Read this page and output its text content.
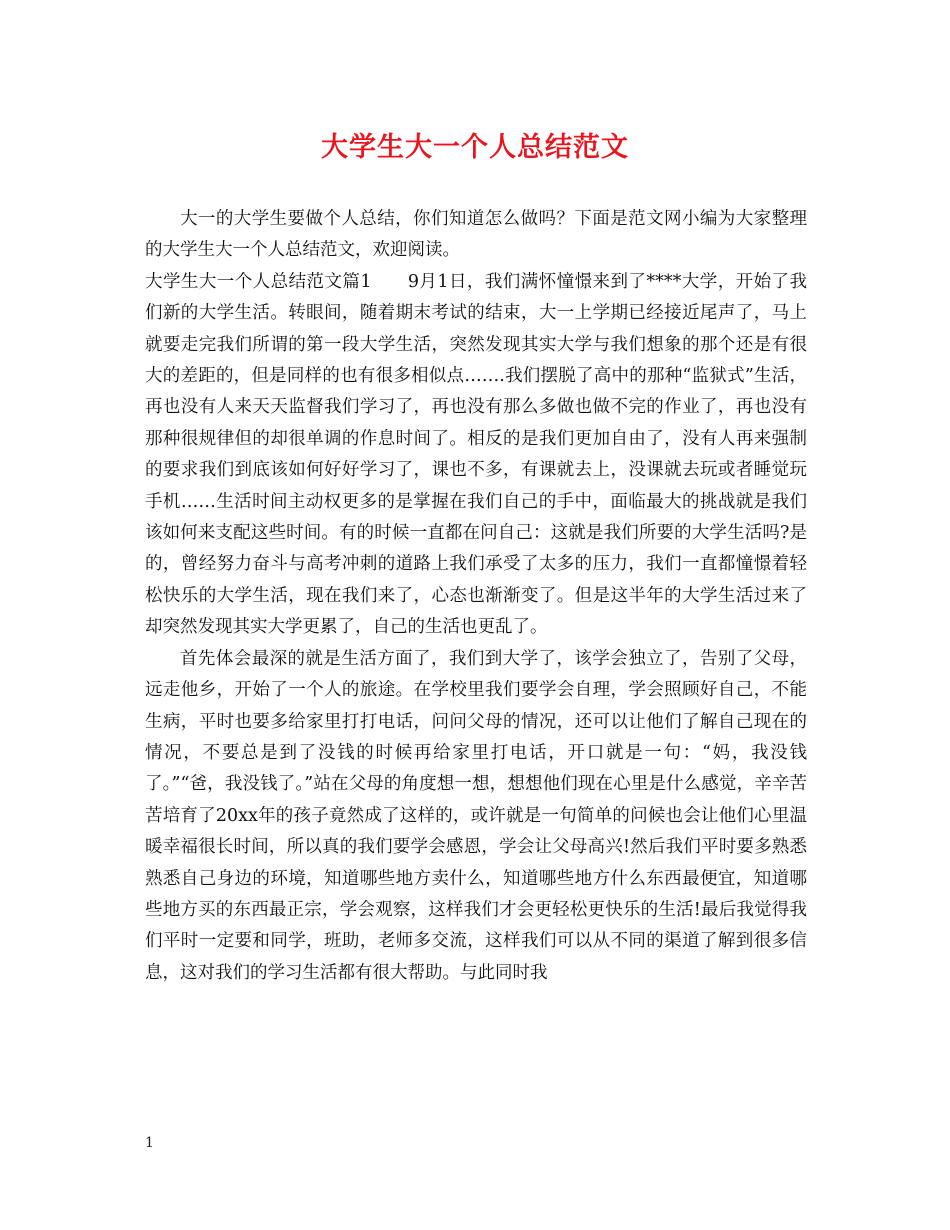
大学生大一个人总结范文

大一的大学生要做个人总结，你们知道怎么做吗？下面是范文网小编为大家整理的大学生大一个人总结范文，欢迎阅读。

大学生大一个人总结范文篇1　　9月1日，我们满怀憧憬来到了****大学，开始了我们新的大学生活。转眼间，随着期末考试的结束，大一上学期已经接近尾声了，马上就要走完我们所谓的第一段大学生活，突然发现其实大学与我们想象的那个还是有很大的差距的，但是同样的也有很多相似点…….我们摆脱了高中的那种“监狱式”生活，再也没有人来天天监督我们学习了，再也没有那么多做也做不完的作业了，再也没有那种很规律但的却很单调的作息时间了。相反的是我们更加自由了，没有人再来强制的要求我们到底该如何好好学习了，课也不多，有课就去上，没课就去玩或者睡觉玩手机……生活时间主动权更多的是掌握在我们自己的手中，面临最大的挑战就是我们该如何来支配这些时间。有的时候一直都在问自己：这就是我们所要的大学生活吗?是的，曾经努力奋斗与高考冲刺的道路上我们承受了太多的压力，我们一直都憧憬着轻松快乐的大学生活，现在我们来了，心态也渐渐变了。但是这半年的大学生活过来了却突然发现其实大学更累了，自己的生活也更乱了。

首先体会最深的就是生活方面了，我们到大学了，该学会独立了，告别了父母，远走他乡，开始了一个人的旅途。在学校里我们要学会自理，学会照顾好自己，不能生病，平时也要多给家里打打电话，问问父母的情况，还可以让他们了解自己现在的情况，不要总是到了没钱的时候再给家里打电话，开口就是一句：“妈，我没钱了。”“爸，我没钱了。”站在父母的角度想一想，想想他们现在心里是什么感觉，辛辛苦苦培育了20xx年的孩子竟然成了这样的，或许就是一句简单的问候也会让他们心里温暖幸福很长时间，所以真的我们要学会感恩，学会让父母高兴!然后我们平时要多熟悉熟悉自己身边的环境，知道哪些地方卖什么，知道哪些地方什么东西最便宜，知道哪些地方买的东西最正宗，学会观察，这样我们才会更轻松更快乐的生活!最后我觉得我们平时一定要和同学，班助，老师多交流，这样我们可以从不同的渠道了解到很多信息，这对我们的学习生活都有很大帮助。与此同时我

1
